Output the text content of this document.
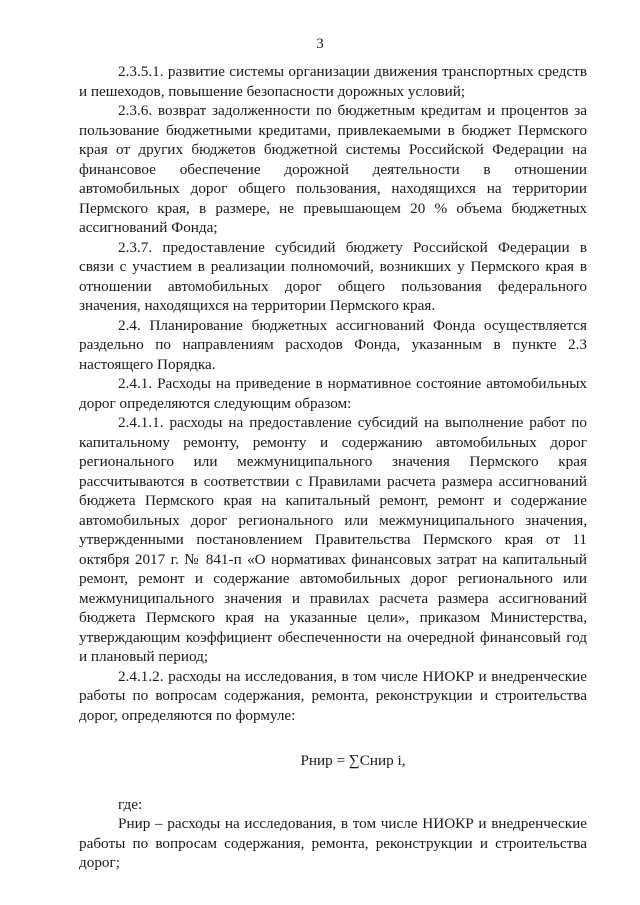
3

2.3.5.1. развитие системы организации движения транспортных средств и пешеходов, повышение безопасности дорожных условий;

2.3.6. возврат задолженности по бюджетным кредитам и процентов за пользование бюджетными кредитами, привлекаемыми в бюджет Пермского края от других бюджетов бюджетной системы Российской Федерации на финансовое обеспечение дорожной деятельности в отношении автомобильных дорог общего пользования, находящихся на территории Пермского края, в размере, не превышающем 20 % объема бюджетных ассигнований Фонда;

2.3.7. предоставление субсидий бюджету Российской Федерации в связи с участием в реализации полномочий, возникших у Пермского края в отношении автомобильных дорог общего пользования федерального значения, находящихся на территории Пермского края.

2.4. Планирование бюджетных ассигнований Фонда осуществляется раздельно по направлениям расходов Фонда, указанным в пункте 2.3 настоящего Порядка.

2.4.1. Расходы на приведение в нормативное состояние автомобильных дорог определяются следующим образом:

2.4.1.1. расходы на предоставление субсидий на выполнение работ по капитальному ремонту, ремонту и содержанию автомобильных дорог регионального или межмуниципального значения Пермского края рассчитываются в соответствии с Правилами расчета размера ассигнований бюджета Пермского края на капитальный ремонт, ремонт и содержание автомобильных дорог регионального или межмуниципального значения, утвержденными постановлением Правительства Пермского края от 11 октября 2017 г. № 841-п «О нормативах финансовых затрат на капитальный ремонт, ремонт и содержание автомобильных дорог регионального или межмуниципального значения и правилах расчета размера ассигнований бюджета Пермского края на указанные цели», приказом Министерства, утверждающим коэффициент обеспеченности на очередной финансовый год и плановый период;

2.4.1.2. расходы на исследования, в том числе НИОКР и внедренческие работы по вопросам содержания, ремонта, реконструкции и строительства дорог, определяются по формуле:

Рнир = ∑Снир i,

где:

Рнир – расходы на исследования, в том числе НИОКР и внедренческие работы по вопросам содержания, ремонта, реконструкции и строительства дорог;
